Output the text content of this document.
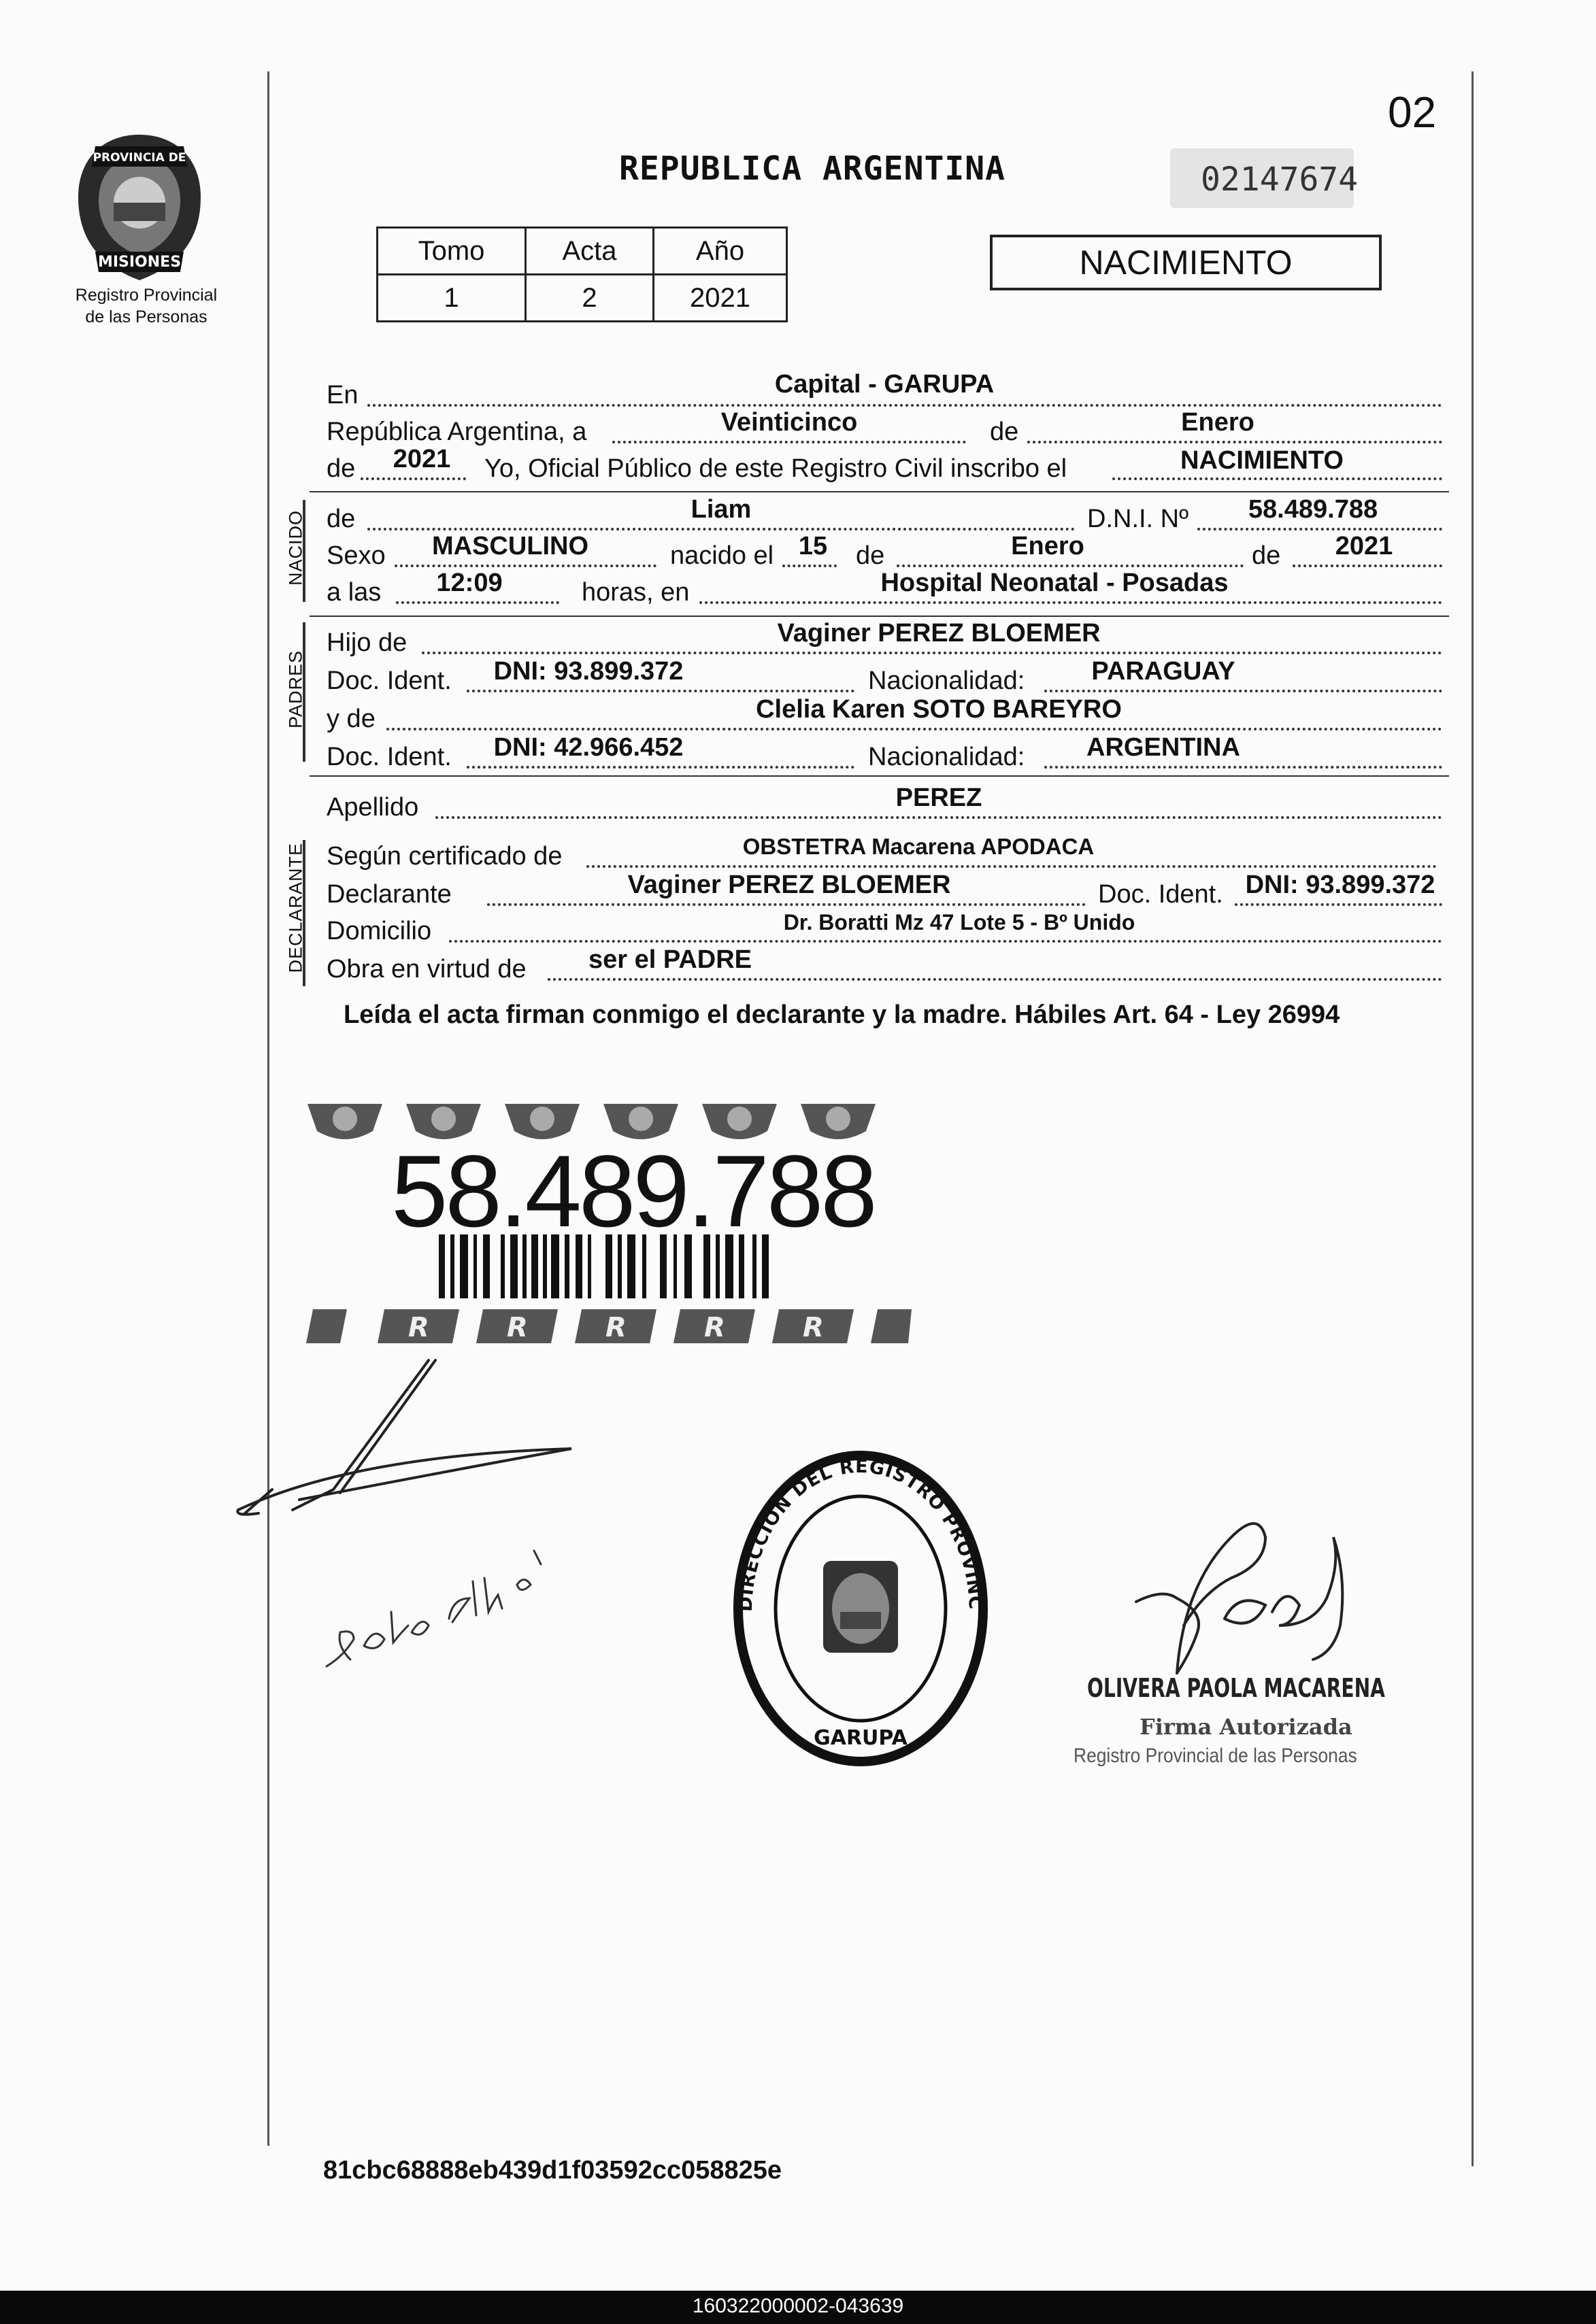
02
PROVINCIA DE
MISIONES
Registro Provincial
de las Personas
REPUBLICA ARGENTINA	02147674
Tomo	Acta	Año
1	2	2021
NACIMIENTO
En	Capital - GARUPA
República Argentina, a	Veinticinco	de	Enero
de	2021	Yo, Oficial Público de este Registro Civil inscribo el	NACIMIENTO
NACIDO de	Liam	D.N.I. Nº	58.489.788
Sexo	MASCULINO	nacido el 15	de	Enero	de	2021
a las	12:09	horas, en	Hospital Neonatal - Posadas
PADRES
Hijo de	Vaginer PEREZ BLOEMER
Doc. Ident.	DNI: 93.899.372	Nacionalidad:	PARAGUAY
y de	Clelia Karen SOTO BAREYRO
Doc. Ident.	DNI: 42.966.452	Nacionalidad:	ARGENTINA
Apellido	PEREZ
DECLARANTE Según certificado de	OBSTETRA Macarena APODACA
Declarante	Vaginer PEREZ BLOEMER	Doc. Ident. DNI: 93.899.372
Domicilio	Dr. Boratti Mz 47 Lote 5 - Bº Unido
Obra en virtud de	ser el PADRE
Leída el acta firman conmigo el declarante y la madre. Hábiles Art. 64 - Ley 26994
R	R	R	R	R
58.489.788
DIRECCION DEL REGISTRO PROVINC
GARUPA
OLIVERA PAOLA MACARENA
Firma Autorizada
Registro Provincial de las Personas
81cbc68888eb439d1f03592cc058825e
160322000002-043639
